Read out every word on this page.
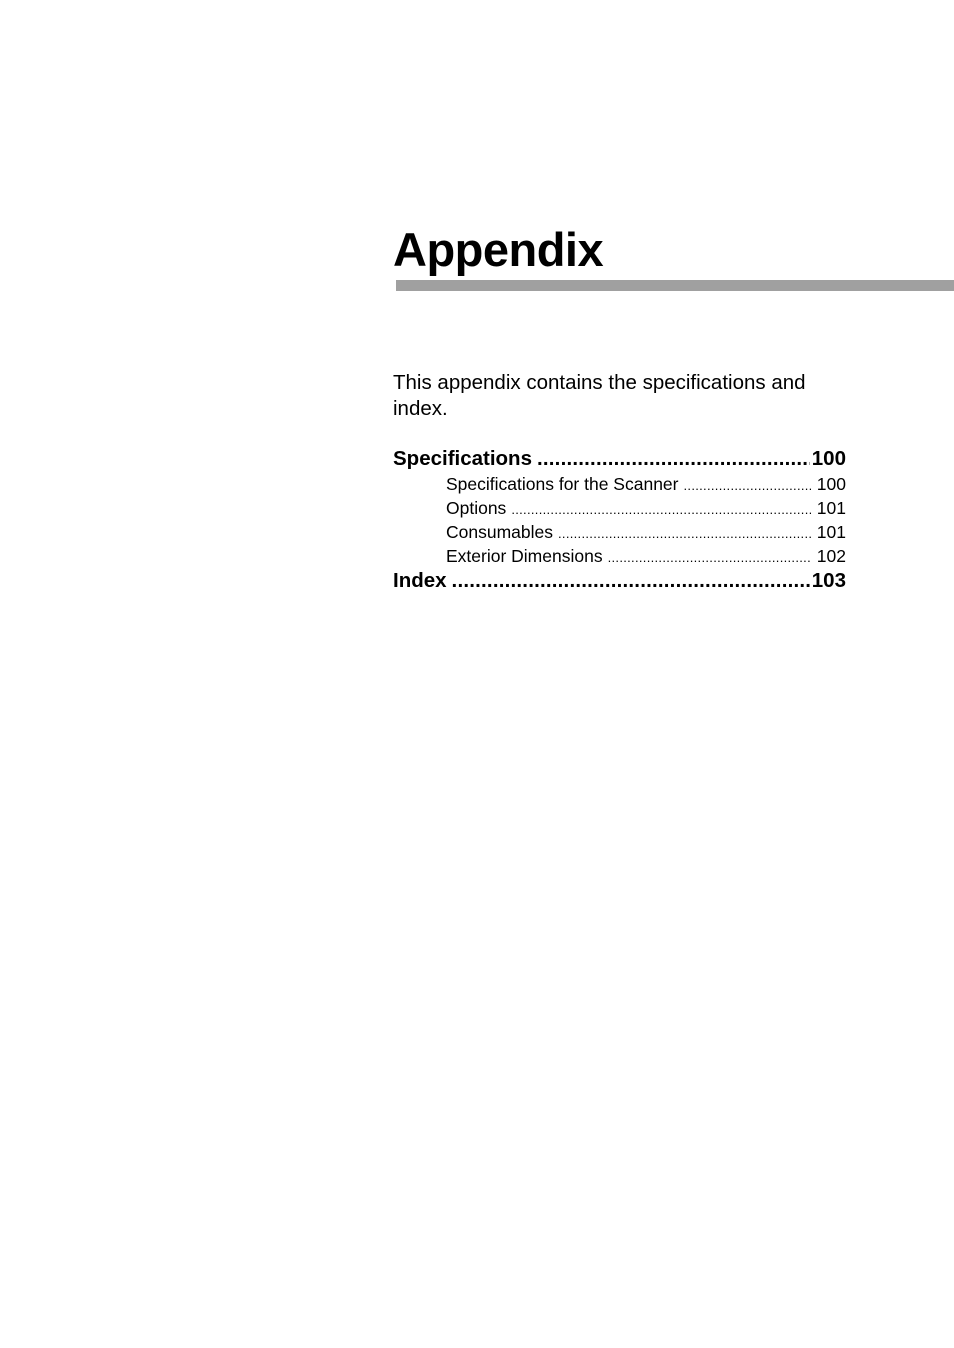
Appendix

This appendix contains the specifications and index.

Specifications .....	100
Specifications for the Scanner .....	100
Options .....	101
Consumables .....	101
Exterior Dimensions .....	102
Index .....	103
